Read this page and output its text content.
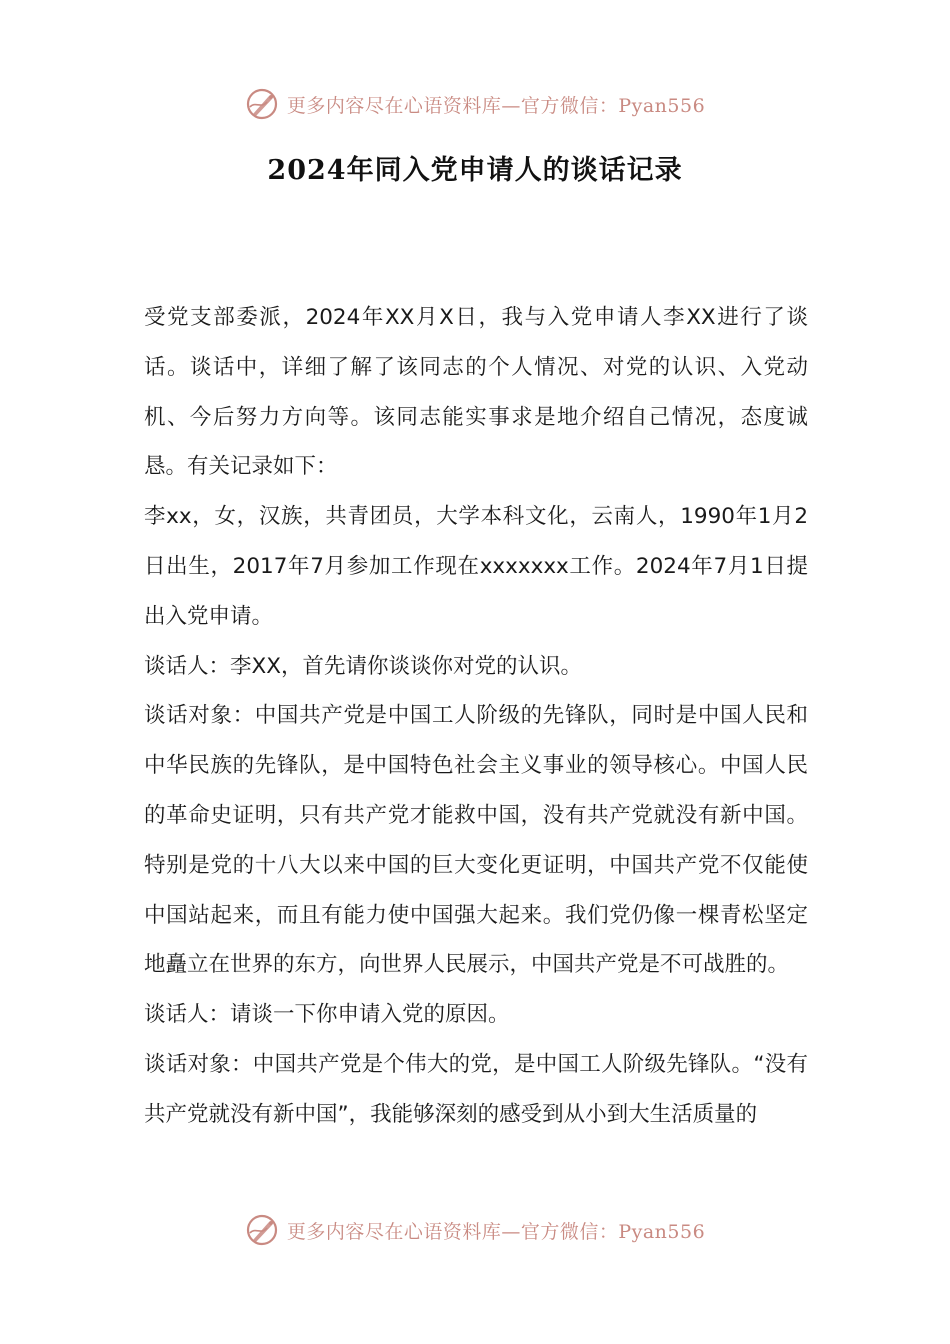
更多内容尽在心语资料库—官方微信：Pyan556
2024年同入党申请人的谈话记录

受党支部委派，2024年XX月X日，我与入党申请人李XX进行了谈话。谈话中，详细了解了该同志的个人情况、对党的认识、入党动机、今后努力方向等。该同志能实事求是地介绍自己情况，态度诚恳。有关记录如下：

李xx，女，汉族，共青团员，大学本科文化，云南人，1990年1月2日出生，2017年7月参加工作现在xxxxxxx工作。2024年7月1日提出入党申请。

谈话人：李XX，首先请你谈谈你对党的认识。

谈话对象：中国共产党是中国工人阶级的先锋队，同时是中国人民和中华民族的先锋队，是中国特色社会主义事业的领导核心。中国人民的革命史证明，只有共产党才能救中国，没有共产党就没有新中国。特别是党的十八大以来中国的巨大变化更证明，中国共产党不仅能使中国站起来，而且有能力使中国强大起来。我们党仍像一棵青松坚定地矗立在世界的东方，向世界人民展示，中国共产党是不可战胜的。

谈话人：请谈一下你申请入党的原因。

谈话对象：中国共产党是个伟大的党，是中国工人阶级先锋队。“没有共产党就没有新中国”，我能够深刻的感受到从小到大生活质量的

更多内容尽在心语资料库—官方微信：Pyan556
